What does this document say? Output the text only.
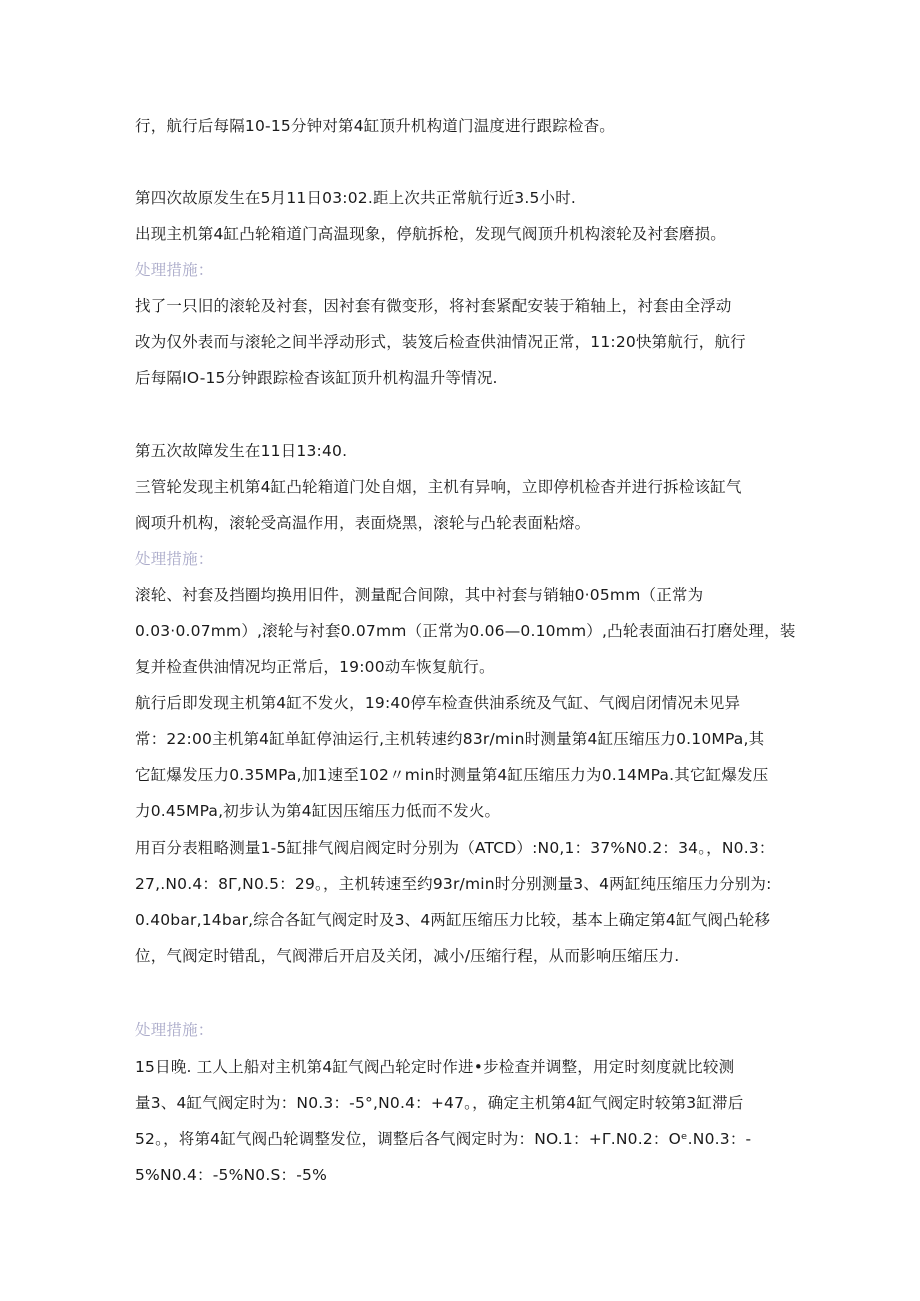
行，航行后每隔10-15分钟对第4缸顶升机构道门温度进行跟踪检杳。
第四次故原发生在5月11日03:02.距上次共正常航行近3.5小时.
出现主机第4缸凸轮箱道门高温现象，停航拆枪，发现气阀顶升机构滚轮及衬套磨损。
处理措施：
找了一只旧的滚轮及衬套，因衬套有微变形，将衬套紧配安装于箱轴上，衬套由全浮动
改为仅外表而与滚轮之间半浮动形式，装笈后检查供油情况正常，11:20快第航行，航行
后每隔IO-15分钟跟踪检杳该缸顶升机构温升等情况.
第五次故障发生在11日13:40.
三管轮发现主机第4缸凸轮箱道门处自烟，主机有异响，立即停机检杳并进行拆检该缸气
阀项升机构，滚轮受高温作用，表面烧黑，滚轮与凸轮表面粘熔。
处理措施：
滚轮、衬套及挡圈均换用旧件，测量配合间隙，其中衬套与销轴0·05mm（正常为
0.03·0.07mm）,滚轮与衬套0.07mm（正常为0.06—0.10mm）,凸轮表面油石打磨处理，装
复并检查供油情况均正常后，19:00动车恢复航行。
航行后即发现主机第4缸不发火，19:40停车检查供油系统及气缸、气阀启闭情况未见异
常：22:00主机第4缸单缸停油运行,主机转速约83r/min时测量第4缸压缩压力0.10MPa,其
它缸爆发压力0.35MPa,加1速至102〃min时测量第4缸压缩压力为0.14MPa.其它缸爆发压
力0.45MPa,初步认为第4缸因压缩压力低而不发火。
用百分表粗略测量1-5缸排气阀启阀定时分别为（ATCD）:N0,1：37%N0.2：34。，N0.3：
27,.N0.4：8Γ,N0.5：29。，主机转速至约93r/min时分别测量3、4两缸纯压缩压力分别为:
0.40bar,14bar,综合各缸气阀定时及3、4两缸压缩压力比较，基本上确定第4缸气阀凸轮移
位，气阀定时错乱，气阀滞后开启及关闭，减小/压缩行程，从而影响压缩压力.
处理措施：
15日晚. 工人上船对主机第4缸气阀凸轮定时作进•步检查并调整，用定时刻度就比较测
量3、4缸气阀定时为：N0.3：-5°,N0.4：+47。，确定主机第4缸气阀定时较第3缸滞后
52。，将第4缸气阀凸轮调整发位，调整后各气阀定时为：NO.1：+Γ.N0.2：Oᵉ.N0.3：-
5%N0.4：-5%N0.S：-5%
